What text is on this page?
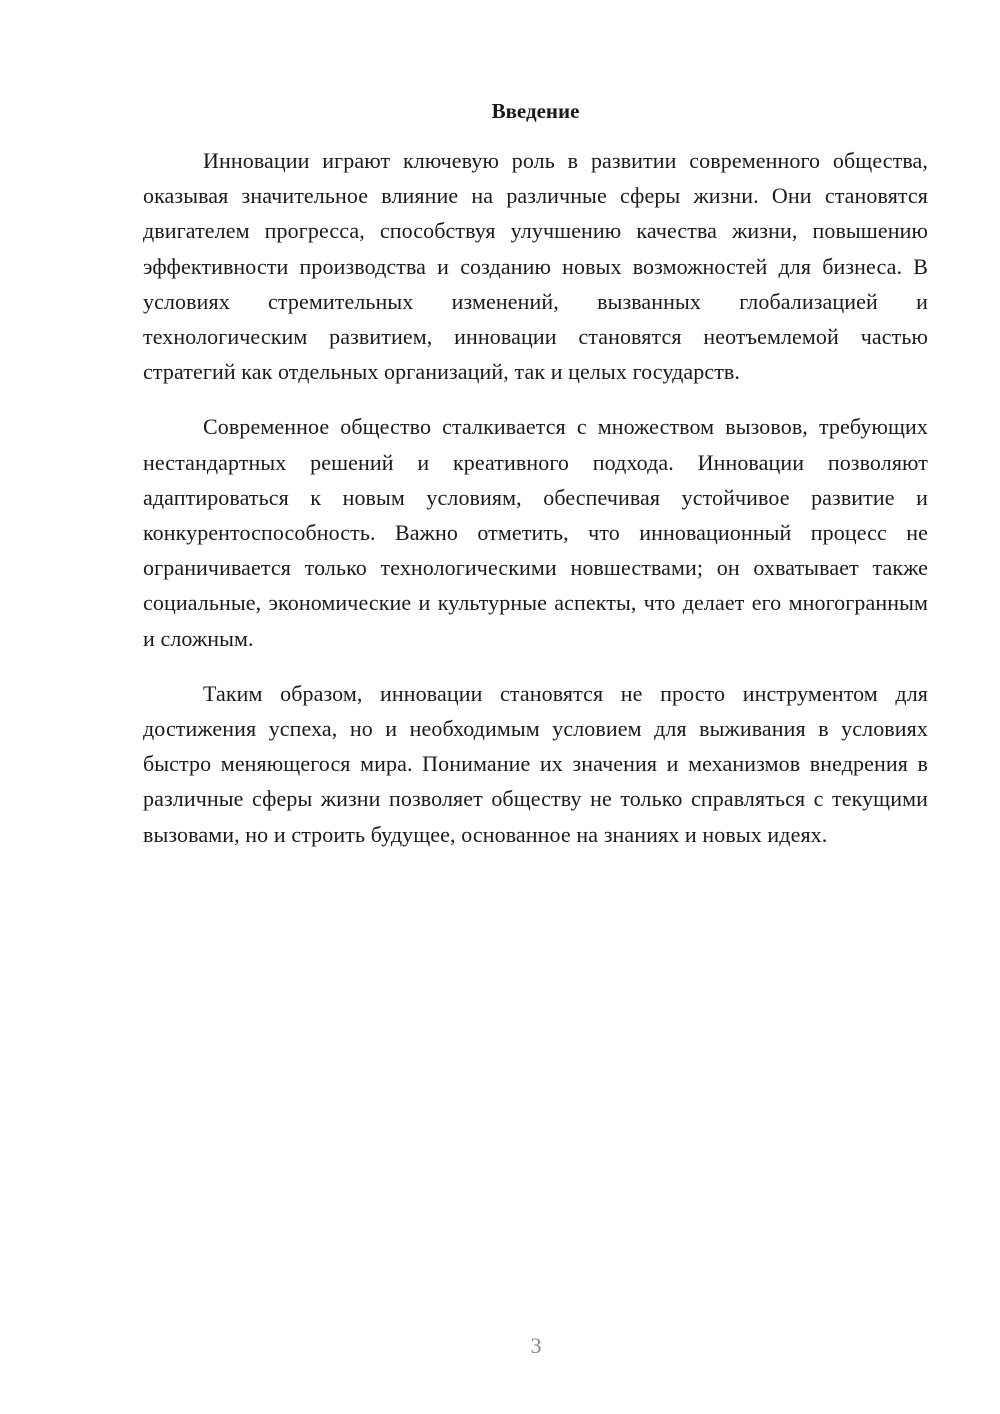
Введение

Инновации играют ключевую роль в развитии современного общества, оказывая значительное влияние на различные сферы жизни. Они становятся двигателем прогресса, способствуя улучшению качества жизни, повышению эффективности производства и созданию новых возможностей для бизнеса. В условиях стремительных изменений, вызванных глобализацией и технологическим развитием, инновации становятся неотъемлемой частью стратегий как отдельных организаций, так и целых государств.

Современное общество сталкивается с множеством вызовов, требующих нестандартных решений и креативного подхода. Инновации позволяют адаптироваться к новым условиям, обеспечивая устойчивое развитие и конкурентоспособность. Важно отметить, что инновационный процесс не ограничивается только технологическими новшествами; он охватывает также социальные, экономические и культурные аспекты, что делает его многогранным и сложным.

Таким образом, инновации становятся не просто инструментом для достижения успеха, но и необходимым условием для выживания в условиях быстро меняющегося мира. Понимание их значения и механизмов внедрения в различные сферы жизни позволяет обществу не только справляться с текущими вызовами, но и строить будущее, основанное на знаниях и новых идеях.

3
